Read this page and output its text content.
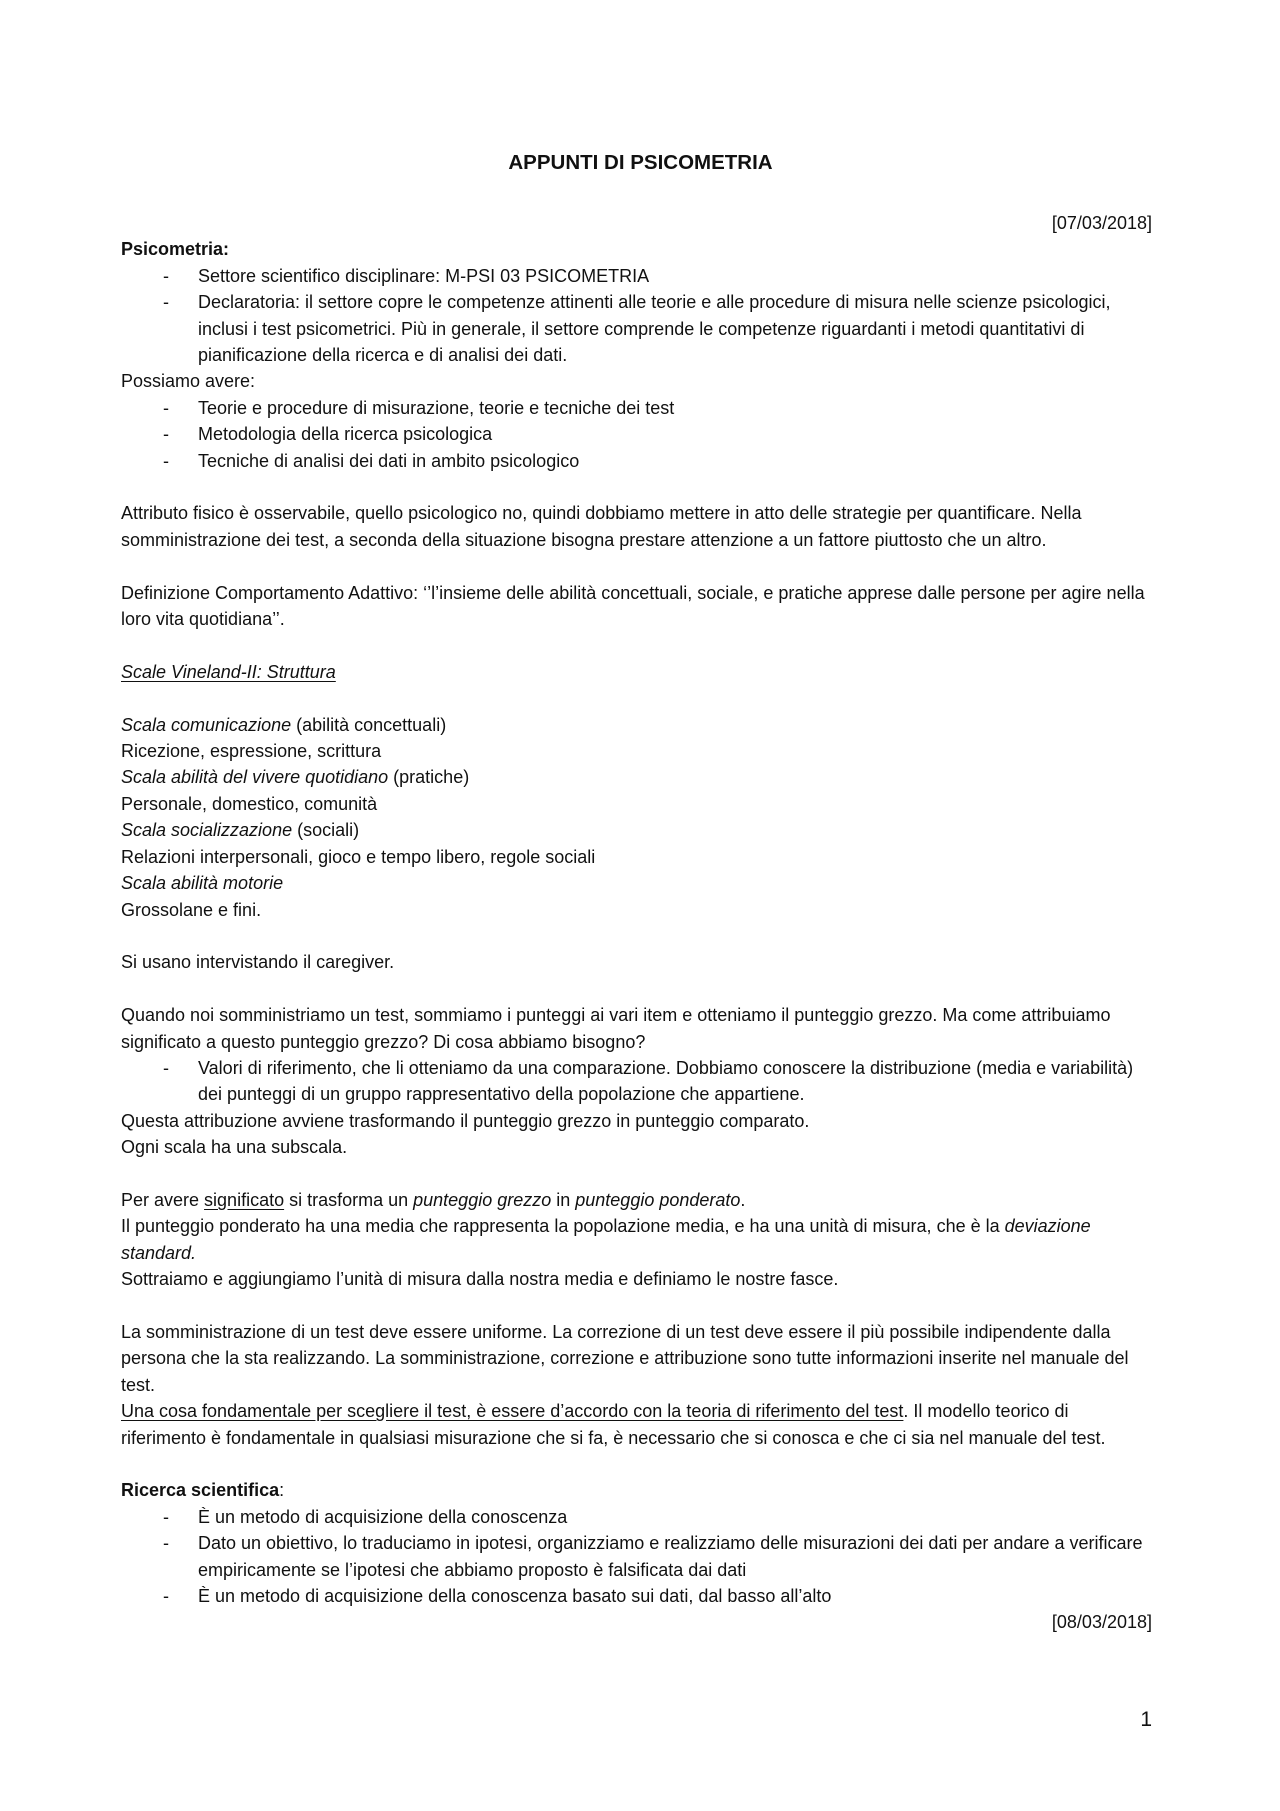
APPUNTI DI PSICOMETRIA

[07/03/2018]

Psicometria:

- Settore scientifico disciplinare: M-PSI 03 PSICOMETRIA
- Declaratoria: il settore copre le competenze attinenti alle teorie e alle procedure di misura nelle scienze psicologici, inclusi i test psicometrici. Più in generale, il settore comprende le competenze riguardanti i metodi quantitativi di pianificazione della ricerca e di analisi dei dati.

Possiamo avere:

- Teorie e procedure di misurazione, teorie e tecniche dei test
- Metodologia della ricerca psicologica
- Tecniche di analisi dei dati in ambito psicologico

Attributo fisico è osservabile, quello psicologico no, quindi dobbiamo mettere in atto delle strategie per quantificare. Nella somministrazione dei test, a seconda della situazione bisogna prestare attenzione a un fattore piuttosto che un altro.

Definizione Comportamento Adattivo: ‘’l’insieme delle abilità concettuali, sociale, e pratiche apprese dalle persone per agire nella loro vita quotidiana’’.

Scale Vineland-II: Struttura

Scala comunicazione (abilità concettuali)

Ricezione, espressione, scrittura

Scala abilità del vivere quotidiano (pratiche)

Personale, domestico, comunità

Scala socializzazione (sociali)

Relazioni interpersonali, gioco e tempo libero, regole sociali

Scala abilità motorie

Grossolane e fini.

Si usano intervistando il caregiver.

Quando noi somministriamo un test, sommiamo i punteggi ai vari item e otteniamo il punteggio grezzo. Ma come attribuiamo significato a questo punteggio grezzo? Di cosa abbiamo bisogno?

- Valori di riferimento, che li otteniamo da una comparazione. Dobbiamo conoscere la distribuzione (media e variabilità) dei punteggi di un gruppo rappresentativo della popolazione che appartiene.

Questa attribuzione avviene trasformando il punteggio grezzo in punteggio comparato.

Ogni scala ha una subscala.

Per avere significato si trasforma un punteggio grezzo in punteggio ponderato.

Il punteggio ponderato ha una media che rappresenta la popolazione media, e ha una unità di misura, che è la deviazione standard.

Sottraiamo e aggiungiamo l’unità di misura dalla nostra media e definiamo le nostre fasce.

La somministrazione di un test deve essere uniforme. La correzione di un test deve essere il più possibile indipendente dalla persona che la sta realizzando. La somministrazione, correzione e attribuzione sono tutte informazioni inserite nel manuale del test.

Una cosa fondamentale per scegliere il test, è essere d’accordo con la teoria di riferimento del test. Il modello teorico di riferimento è fondamentale in qualsiasi misurazione che si fa, è necessario che si conosca e che ci sia nel manuale del test.

Ricerca scientifica:

- È un metodo di acquisizione della conoscenza
- Dato un obiettivo, lo traduciamo in ipotesi, organizziamo e realizziamo delle misurazioni dei dati per andare a verificare empiricamente se l’ipotesi che abbiamo proposto è falsificata dai dati
- È un metodo di acquisizione della conoscenza basato sui dati, dal basso all’alto

[08/03/2018]

1
